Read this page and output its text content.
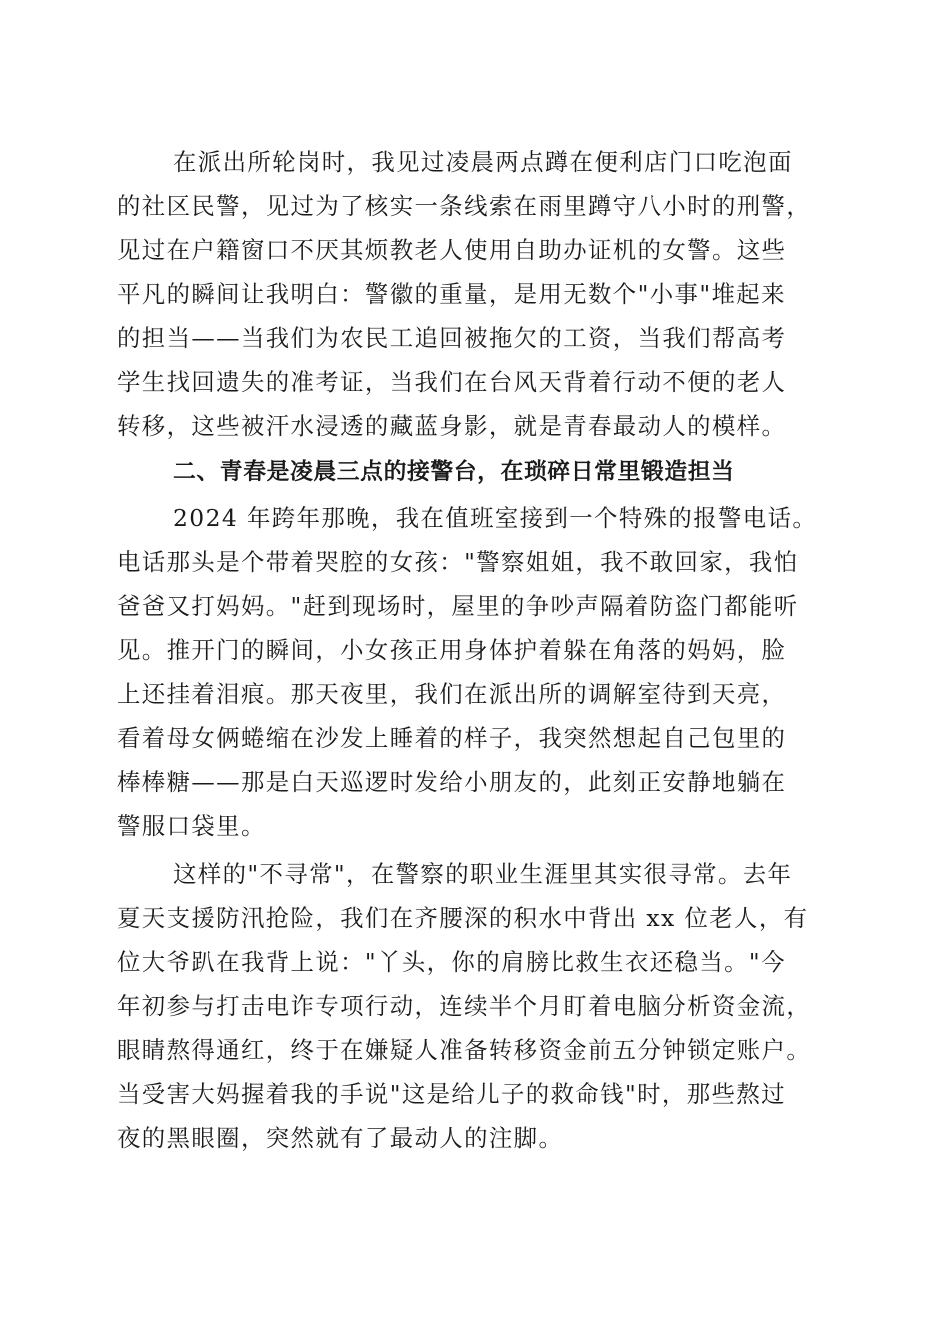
在派出所轮岗时，我见过凌晨两点蹲在便利店门口吃泡面
的社区民警，见过为了核实一条线索在雨里蹲守八小时的刑警，
见过在户籍窗口不厌其烦教老人使用自助办证机的女警。这些
平凡的瞬间让我明白：警徽的重量，是用无数个"小事"堆起来
的担当——当我们为农民工追回被拖欠的工资，当我们帮高考
学生找回遗失的准考证，当我们在台风天背着行动不便的老人
转移，这些被汗水浸透的藏蓝身影，就是青春最动人的模样。
二、青春是凌晨三点的接警台，在琐碎日常里锻造担当
2024 年跨年那晚，我在值班室接到一个特殊的报警电话。
电话那头是个带着哭腔的女孩："警察姐姐，我不敢回家，我怕
爸爸又打妈妈。"赶到现场时，屋里的争吵声隔着防盗门都能听
见。推开门的瞬间，小女孩正用身体护着躲在角落的妈妈，脸
上还挂着泪痕。那天夜里，我们在派出所的调解室待到天亮，
看着母女俩蜷缩在沙发上睡着的样子，我突然想起自己包里的
棒棒糖——那是白天巡逻时发给小朋友的，此刻正安静地躺在
警服口袋里。
这样的"不寻常"，在警察的职业生涯里其实很寻常。去年
夏天支援防汛抢险，我们在齐腰深的积水中背出 xx 位老人，有
位大爷趴在我背上说："丫头，你的肩膀比救生衣还稳当。"今
年初参与打击电诈专项行动，连续半个月盯着电脑分析资金流，
眼睛熬得通红，终于在嫌疑人准备转移资金前五分钟锁定账户。
当受害大妈握着我的手说"这是给儿子的救命钱"时，那些熬过
夜的黑眼圈，突然就有了最动人的注脚。
